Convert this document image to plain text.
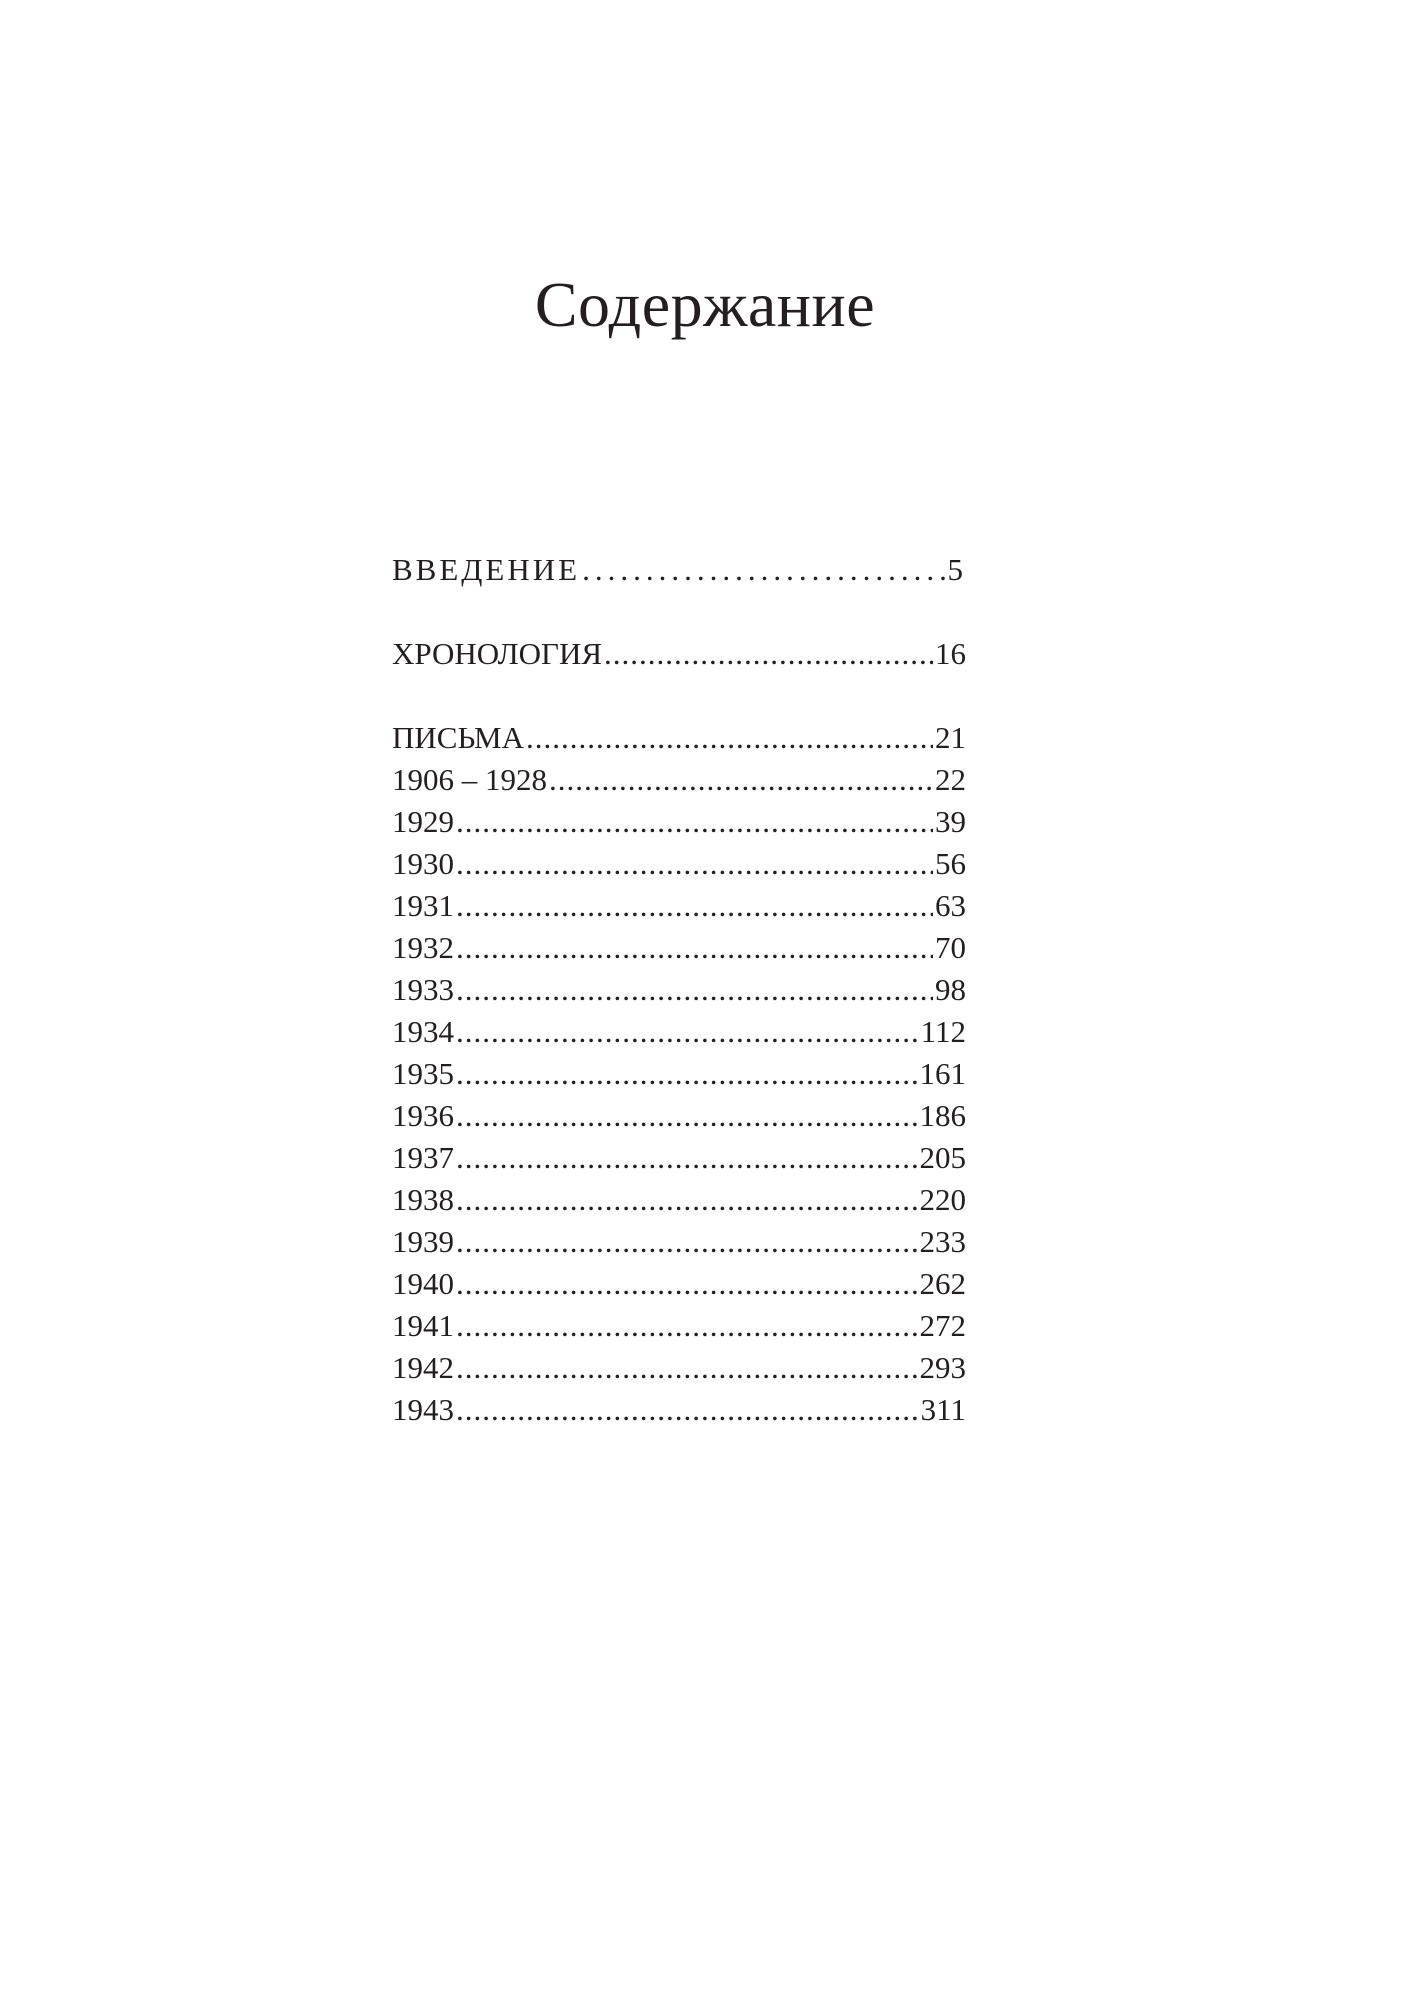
Содержание
ВВЕДЕНИЕ .....	5
ХРОНОЛОГИЯ .....	16
ПИСЬМА .....	21
1906 – 1928 .....	22
1929 .....	39
1930 .....	56
1931 .....	63
1932 .....	70
1933 .....	98
1934 .....	112
1935 .....	161
1936 .....	186
1937 .....	205
1938 .....	220
1939 .....	233
1940 .....	262
1941 .....	272
1942 .....	293
1943 .....	311
